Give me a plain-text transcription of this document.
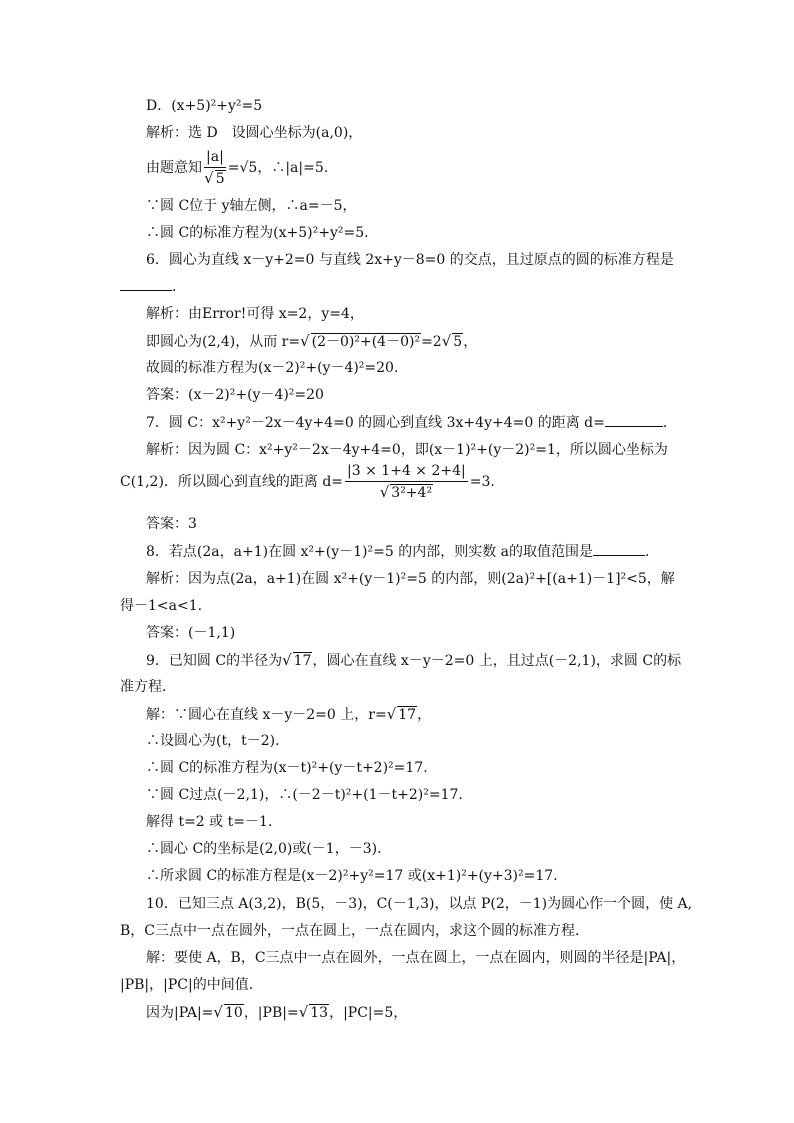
D．(x+5)²+y²=5
解析：选 D　设圆心坐标为(a,0)，
由题意知 $\frac{|a|}{√ 5} =√5$，∴|a|=5.
∵圆 C位于 y轴左侧，∴a=－5，
∴圆 C的标准方程为(x+5)²+y²=5.
6．圆心为直线 x－y+2=0 与直线 2x+y－8=0 的交点，且过原点的圆的标准方程是
．
解析：由Error!可得 x=2，y=4，
即圆心为(2,4)，从而 r=√ (2－0)²+(4－0)²=2√ 5，
故圆的标准方程为(x－2)²+(y－4)²=20.
答案：(x－2)²+(y－4)²=20
7．圆 C：x²+y²－2x－4y+4=0 的圆心到直线 3x+4y+4=0 的距离 d=	．
解析：因为圆 C：x²+y²－2x－4y+4=0，即(x－1)²+(y－2)²=1，所以圆心坐标为
C(1,2)．所以圆心到直线的距离 $d= \frac{|3 \times 1+4 \times 2+4|}{\text{√ 3²+4²}} =3$.
答案：3
8．若点(2a，a+1)在圆 x²+(y－1)²=5 的内部，则实数 a的取值范围是	．
解析：因为点(2a，a+1)在圆 x²+(y－1)²=5 的内部，则(2a)²+[(a+1)－1]²<5，解
得－1<a<1.
答案：(－1,1)
9．已知圆 C的半径为√ 17，圆心在直线 x－y－2=0 上，且过点(－2,1)，求圆 C的标
准方程．
解：∵圆心在直线 x－y－2=0 上，r=√ 17，
∴设圆心为(t，t－2)．
∴圆 C的标准方程为(x－t)²+(y－t+2)²=17.
∵圆 C过点(－2,1)，∴(－2－t)²+(1－t+2)²=17.
解得 t=2 或 t=－1.
∴圆心 C的坐标是(2,0)或(－1，－3)．
∴所求圆 C的标准方程是(x－2)²+y²=17 或(x+1)²+(y+3)²=17.
10．已知三点 A(3,2)，B(5，－3)，C(－1,3)，以点 P(2，－1)为圆心作一个圆，使 A,
B，C三点中一点在圆外，一点在圆上，一点在圆内，求这个圆的标准方程．
解：要使 A，B，C三点中一点在圆外，一点在圆上，一点在圆内，则圆的半径是|PA|，
|PB|，|PC|的中间值．
因为|PA|=√ 10，|PB|=√ 13，|PC|=5，
